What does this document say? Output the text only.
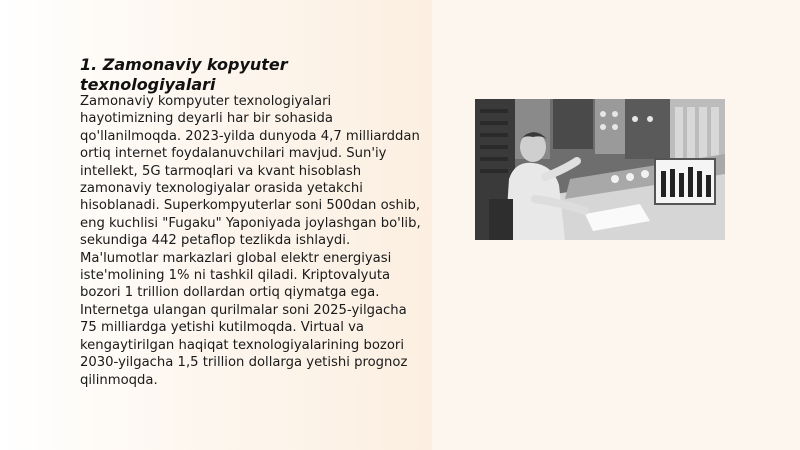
1. Zamonaviy kopyuter texnologiyalari

Zamonaviy kompyuter texnologiyalari hayotimizning deyarli har bir sohasida qo'llanilmoqda. 2023-yilda dunyoda 4,7 milliarddan ortiq internet foydalanuvchilari mavjud. Sun'iy intellekt, 5G tarmoqlari va kvant hisoblash zamonaviy texnologiyalar orasida yetakchi hisoblanadi. Superkompyuterlar soni 500dan oshib, eng kuchlisi "Fugaku" Yaponiyada joylashgan bo'lib, sekundiga 442 petaflop tezlikda ishlaydi. Ma'lumotlar markazlari global elektr energiyasi iste'molining 1% ni tashkil qiladi. Kriptovalyuta bozori 1 trillion dollardan ortiq qiymatga ega. Internetga ulangan qurilmalar soni 2025-yilgacha 75 milliardga yetishi kutilmoqda. Virtual va kengaytirilgan haqiqat texnologiyalarining bozori 2030-yilgacha 1,5 trillion dollarga yetishi prognoz qilinmoqda.
